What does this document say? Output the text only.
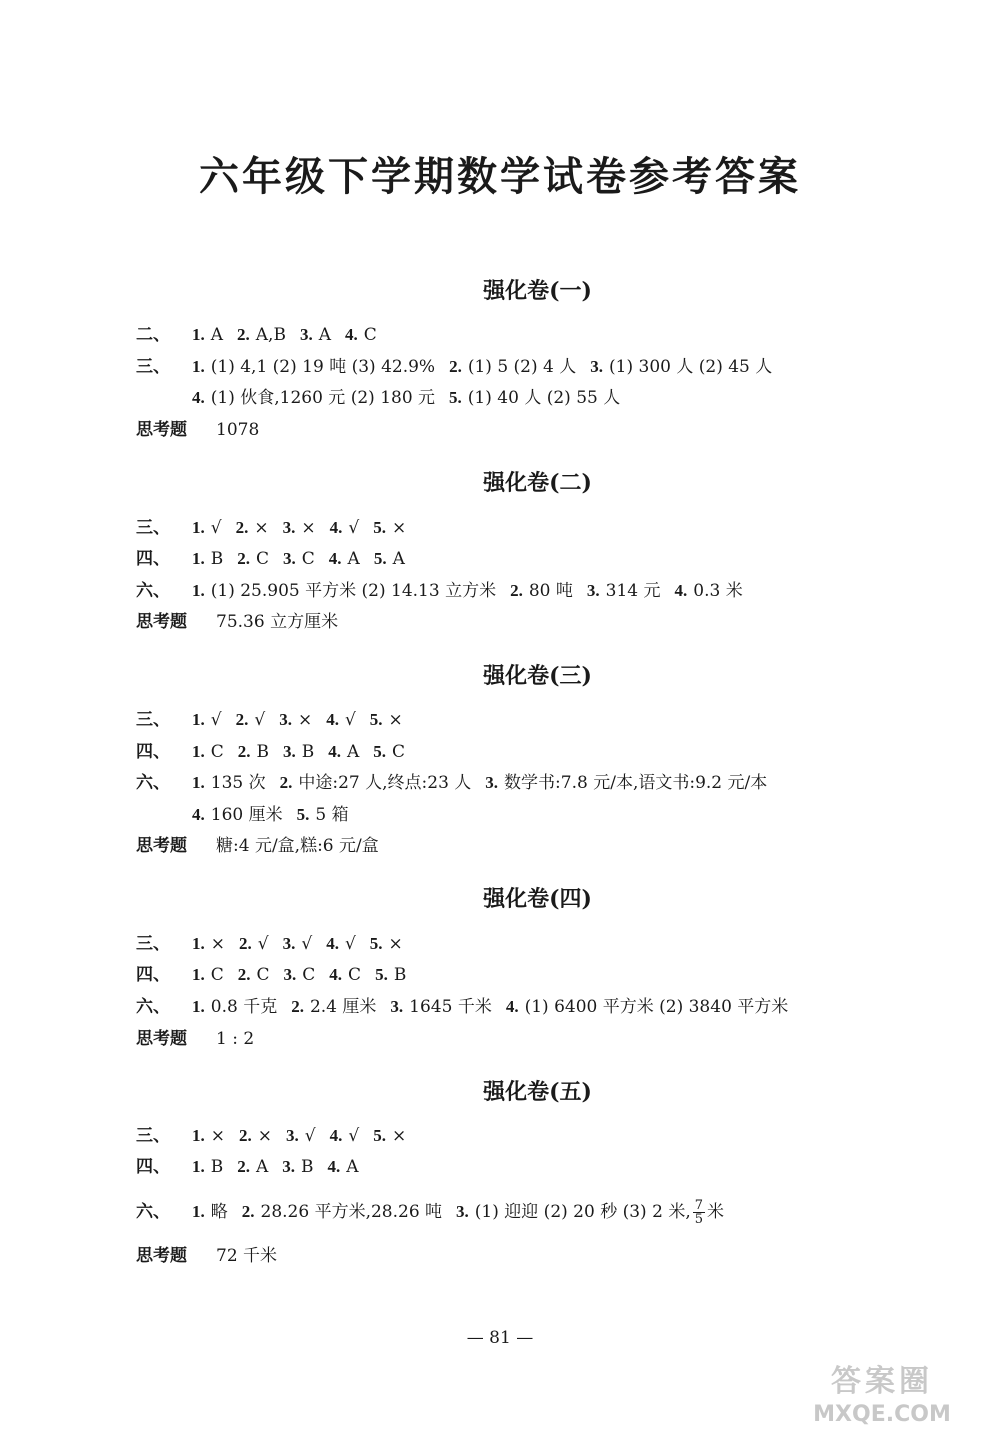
六年级下学期数学试卷参考答案
强化卷(一)
二、 1. A 2. A,B 3. A 4. C
三、 1. (1) 4,1 (2) 19 吨 (3) 42.9% 2. (1) 5 (2) 4 人 3. (1) 300 人 (2) 45 人
4. (1) 伙食,1260 元 (2) 180 元 5. (1) 40 人 (2) 55 人
思考题 1078
强化卷(二)
三、 1. √ 2. × 3. × 4. √ 5. ×
四、 1. B 2. C 3. C 4. A 5. A
六、 1. (1) 25.905 平方米 (2) 14.13 立方米 2. 80 吨 3. 314 元 4. 0.3 米
思考题 75.36 立方厘米
强化卷(三)
三、 1. √ 2. √ 3. × 4. √ 5. ×
四、 1. C 2. B 3. B 4. A 5. C
六、 1. 135 次 2. 中途:27 人,终点:23 人 3. 数学书:7.8 元/本,语文书:9.2 元/本
4. 160 厘米 5. 5 箱
思考题 糖:4 元/盒,糕:6 元/盒
强化卷(四)
三、 1. × 2. √ 3. √ 4. √ 5. ×
四、 1. C 2. C 3. C 4. C 5. B
六、 1. 0.8 千克 2. 2.4 厘米 3. 1645 千米 4. (1) 6400 平方米 (2) 3840 平方米
思考题 1 : 2
强化卷(五)
三、 1. × 2. × 3. √ 4. √ 5. ×
四、 1. B 2. A 3. B 4. A
六、 1. 略 2. 28.26 平方米,28.26 吨 3. (1) 迎迎 (2) 20 秒 (3) 2 米, $\frac{7}{5}$ 米
思考题 72 千米
— 81 —
答案圈
MXQE.COM
